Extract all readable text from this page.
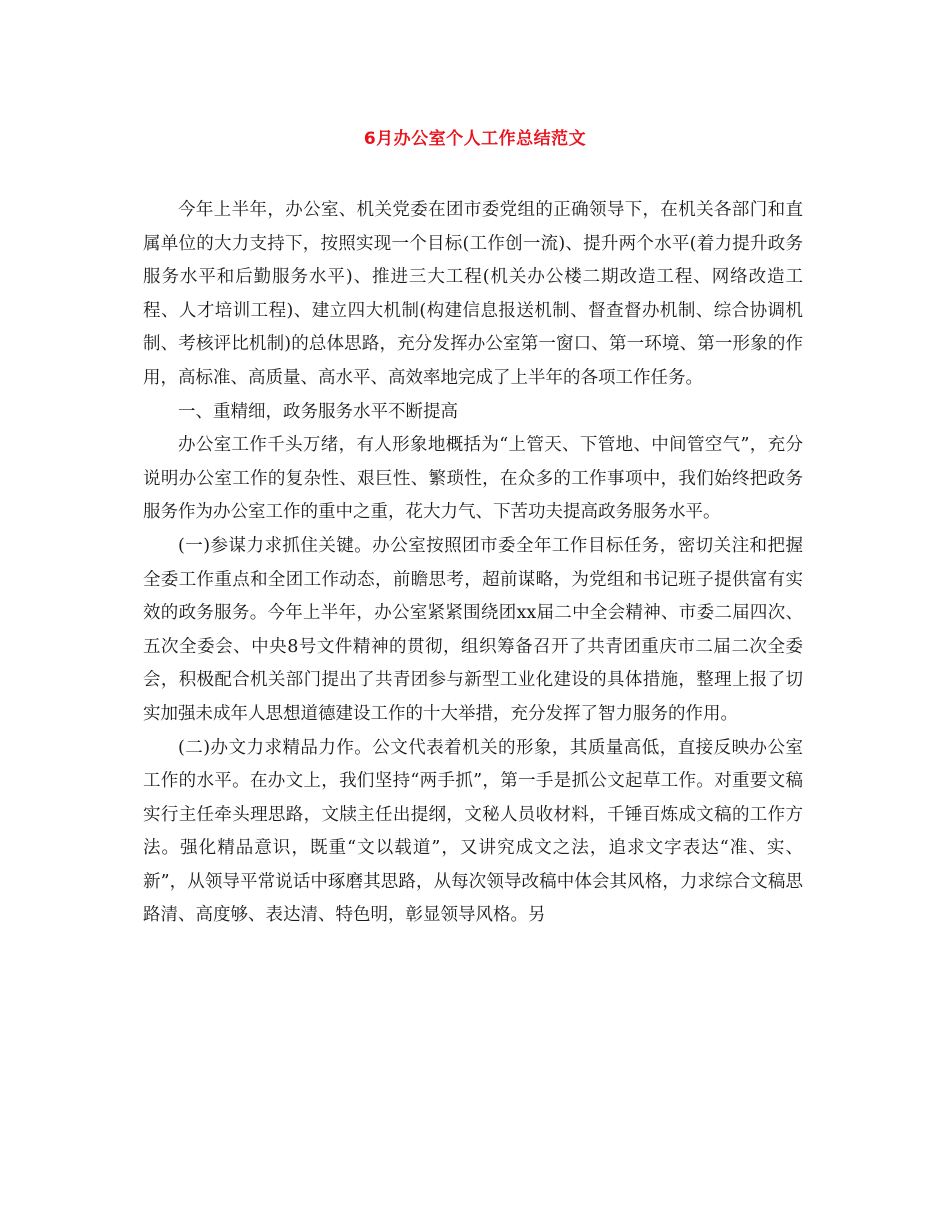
6月办公室个人工作总结范文

今年上半年，办公室、机关党委在团市委党组的正确领导下，在机关各部门和直属单位的大力支持下，按照实现一个目标(工作创一流)、提升两个水平(着力提升政务服务水平和后勤服务水平)、推进三大工程(机关办公楼二期改造工程、网络改造工程、人才培训工程)、建立四大机制(构建信息报送机制、督查督办机制、综合协调机制、考核评比机制)的总体思路，充分发挥办公室第一窗口、第一环境、第一形象的作用，高标准、高质量、高水平、高效率地完成了上半年的各项工作任务。

一、重精细，政务服务水平不断提高

办公室工作千头万绪，有人形象地概括为“上管天、下管地、中间管空气”，充分说明办公室工作的复杂性、艰巨性、繁琐性，在众多的工作事项中，我们始终把政务服务作为办公室工作的重中之重，花大力气、下苦功夫提高政务服务水平。

(一)参谋力求抓住关键。办公室按照团市委全年工作目标任务，密切关注和把握全委工作重点和全团工作动态，前瞻思考，超前谋略，为党组和书记班子提供富有实效的政务服务。今年上半年，办公室紧紧围绕团xx届二中全会精神、市委二届四次、五次全委会、中央8号文件精神的贯彻，组织筹备召开了共青团重庆市二届二次全委会，积极配合机关部门提出了共青团参与新型工业化建设的具体措施，整理上报了切实加强未成年人思想道德建设工作的十大举措，充分发挥了智力服务的作用。

(二)办文力求精品力作。公文代表着机关的形象，其质量高低，直接反映办公室工作的水平。在办文上，我们坚持“两手抓”，第一手是抓公文起草工作。对重要文稿实行主任牵头理思路，文牍主任出提纲，文秘人员收材料，千锤百炼成文稿的工作方法。强化精品意识，既重“文以载道”，又讲究成文之法，追求文字表达“准、实、新”，从领导平常说话中琢磨其思路，从每次领导改稿中体会其风格，力求综合文稿思路清、高度够、表达清、特色明，彰显领导风格。另
